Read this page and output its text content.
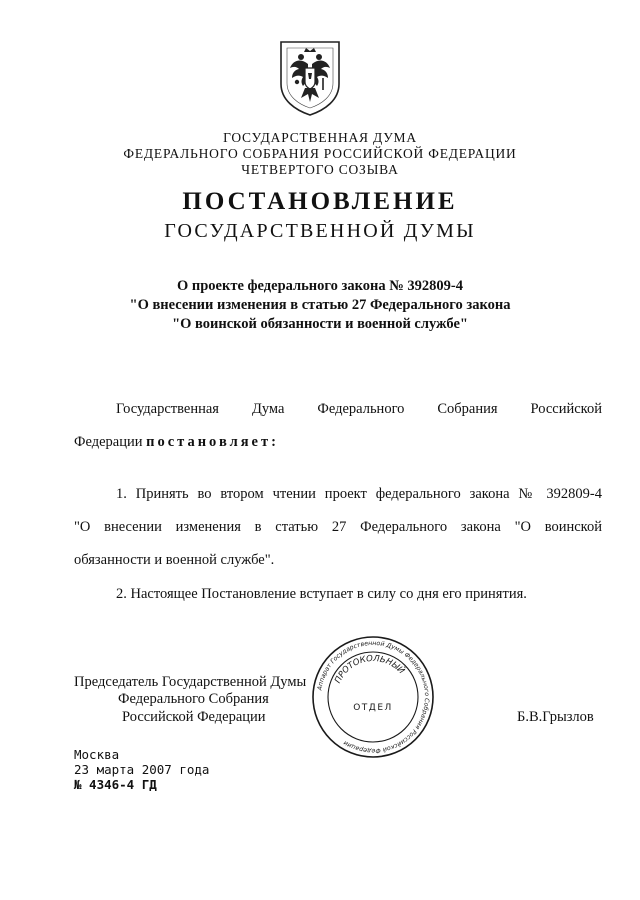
ГОСУДАРСТВЕННАЯ ДУМА
ФЕДЕРАЛЬНОГО СОБРАНИЯ РОССИЙСКОЙ ФЕДЕРАЦИИ
ЧЕТВЕРТОГО СОЗЫВА
ПОСТАНОВЛЕНИЕ
ГОСУДАРСТВЕННОЙ ДУМЫ
О проекте федерального закона № 392809-4
"О внесении изменения в статью 27 Федерального закона
"О воинской обязанности и военной службе"
Государственная Дума Федерального Собрания Российской
Федерации постановляет:
1. Принять во втором чтении проект федерального закона № 392809-4
"О внесении изменения в статью 27 Федерального закона "О воинской
обязанности и военной службе".
2. Настоящее Постановление вступает в силу со дня его принятия.
Председатель Государственной Думы
Федерального Собрания
Российской Федерации	Б.В.Грызлов
Аппарат Государственной Думы Федерального Собрания Российской Федерации
ПРОТОКОЛЬНЫЙ
ОТДЕЛ
Москва
23 марта 2007 года
№ 4346-4 ГД
